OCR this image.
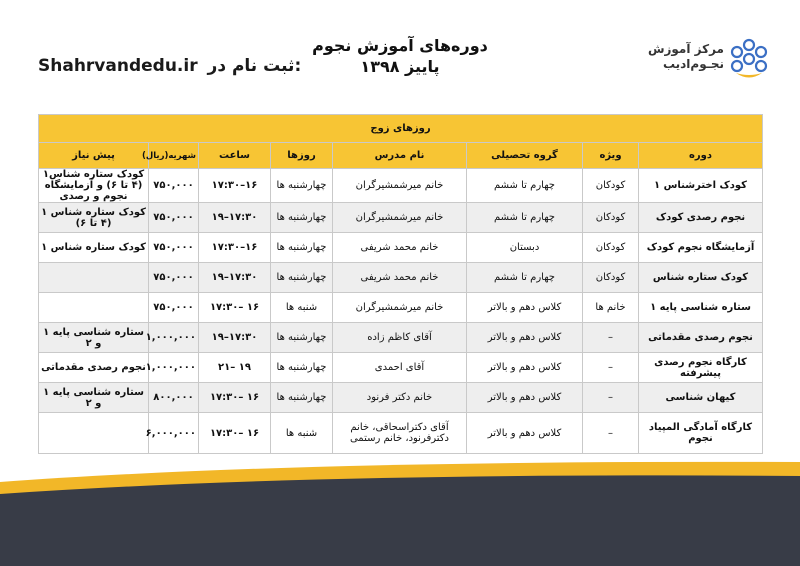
Shahrvandedu.ir ثبت نام در:
دوره‌های آموزش نجوم
پاییز ۱۳۹۸
مرکز آموزش
نجـوم‌ادیب
روزهای زوج							
دوره	ویژه	گروه تحصیلی	نام مدرس	روزها	ساعت	شهریه(ریال)	پیش نیاز
کودک اخترشناس ۱	کودکان	چهارم تا ششم	خانم میرشمشیرگران	چهارشنبه ها	۱۶–۱۷:۳۰	۷۵۰,۰۰۰	کودک ستاره شناس۱ (۴ تا ۶) و آزمایشگاه نجوم و رصدی
نجوم رصدی کودک	کودکان	چهارم تا ششم	خانم میرشمشیرگران	چهارشنبه ها	۱۷:۳۰–۱۹	۷۵۰,۰۰۰	کودک ستاره شناس ۱ (۴ تا ۶)
آزمایشگاه نجوم کودک	کودکان	دبستان	خانم محمد شریفی	چهارشنبه ها	۱۶–۱۷:۳۰	۷۵۰,۰۰۰	کودک ستاره شناس ۱
کودک ستاره شناس	کودکان	چهارم تا ششم	خانم محمد شریفی	چهارشنبه ها	۱۷:۳۰–۱۹	۷۵۰,۰۰۰	
ستاره شناسی پایه ۱	خانم ها	کلاس دهم و بالاتر	خانم میرشمشیرگران	شنبه ها	۱۶ –۱۷:۳۰	۷۵۰,۰۰۰	
نجوم رصدی مقدماتی	–	کلاس دهم و بالاتر	آقای کاظم زاده	چهارشنبه ها	۱۷:۳۰–۱۹	۱,۰۰۰,۰۰۰	ستاره شناسی پایه ۱ و ۲
کارگاه نجوم رصدی پیشرفته	–	کلاس دهم و بالاتر	آقای احمدی	چهارشنبه ها	۱۹ –۲۱	۱,۰۰۰,۰۰۰	نجوم رصدی مقدماتی
کیهان شناسی	–	کلاس دهم و بالاتر	خانم دکتر فرنود	چهارشنبه ها	۱۶ –۱۷:۳۰	۸۰۰,۰۰۰	ستاره شناسی پایه ۱ و ۲
کارگاه آمادگی المپیاد نجوم	–	کلاس دهم و بالاتر	آقای دکتراسحاقی، خانم دکترفرنود، خانم رستمی	شنبه ها	۱۶ –۱۷:۳۰	۶,۰۰۰,۰۰۰	
